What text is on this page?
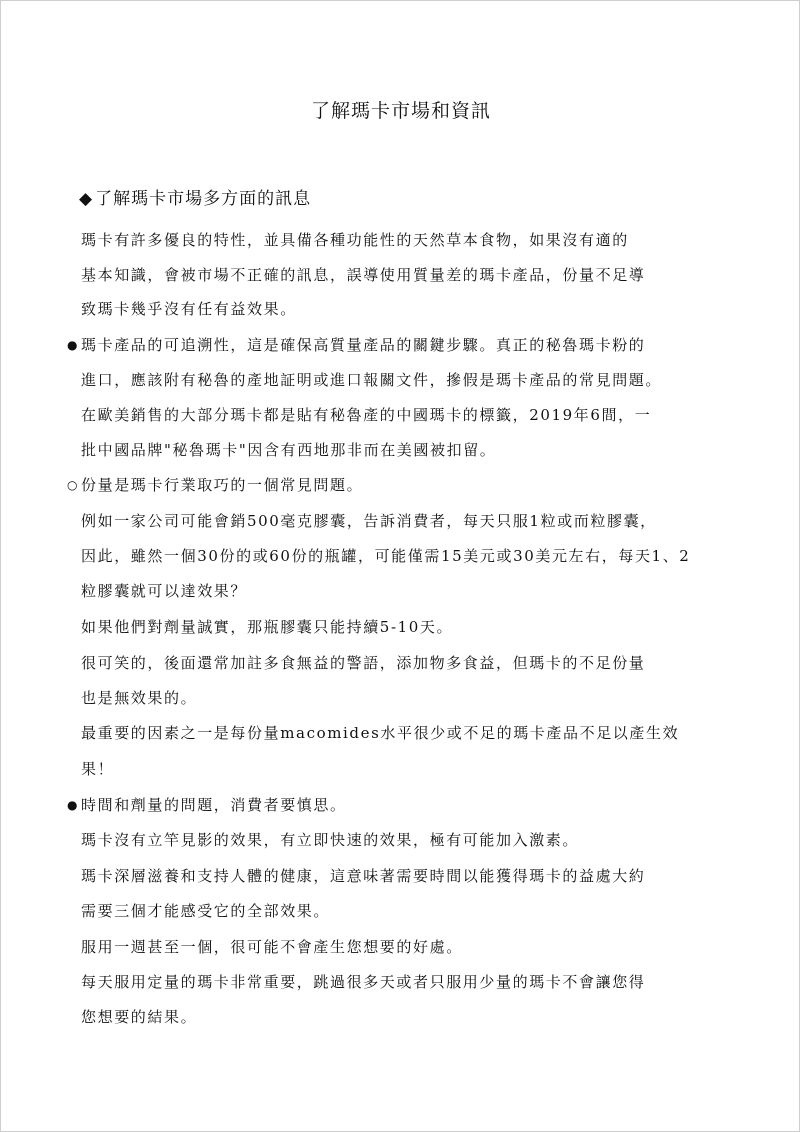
了解瑪卡市場和資訊
◆ 了解瑪卡市場多方面的訊息
瑪卡有許多優良的特性，並具備各種功能性的天然草本食物，如果沒有適的
基本知識，會被市場不正確的訊息，誤導使用質量差的瑪卡產品，份量不足導
致瑪卡幾乎沒有任有益效果。
● 瑪卡產品的可追溯性，這是確保高質量產品的關鍵步驟。真正的秘魯瑪卡粉的
進口，應該附有秘魯的產地証明或進口報關文件，摻假是瑪卡產品的常見問題。
在歐美銷售的大部分瑪卡都是貼有秘魯產的中國瑪卡的標籤，2019年6間，一
批中國品牌"秘魯瑪卡"因含有西地那非而在美國被扣留。
○ 份量是瑪卡行業取巧的一個常見問題。
例如一家公司可能會銷500毫克膠囊，告訴消費者，每天只服1粒或而粒膠囊，
因此，雖然一個30份的或60份的瓶罐，可能僅需15美元或30美元左右，每天1、2
粒膠囊就可以達效果？
如果他們對劑量誠實，那瓶膠囊只能持續5-10天。
很可笑的，後面還常加註多食無益的警語，添加物多食益，但瑪卡的不足份量
也是無效果的。
最重要的因素之一是每份量macomides水平很少或不足的瑪卡產品不足以產生效
果！
● 時間和劑量的問題，消費者要慎思。
瑪卡沒有立竿見影的效果，有立即快速的效果，極有可能加入激素。
瑪卡深層滋養和支持人體的健康，這意味著需要時間以能獲得瑪卡的益處大約
需要三個才能感受它的全部效果。
服用一週甚至一個，很可能不會產生您想要的好處。
每天服用定量的瑪卡非常重要，跳過很多天或者只服用少量的瑪卡不會讓您得
您想要的結果。
